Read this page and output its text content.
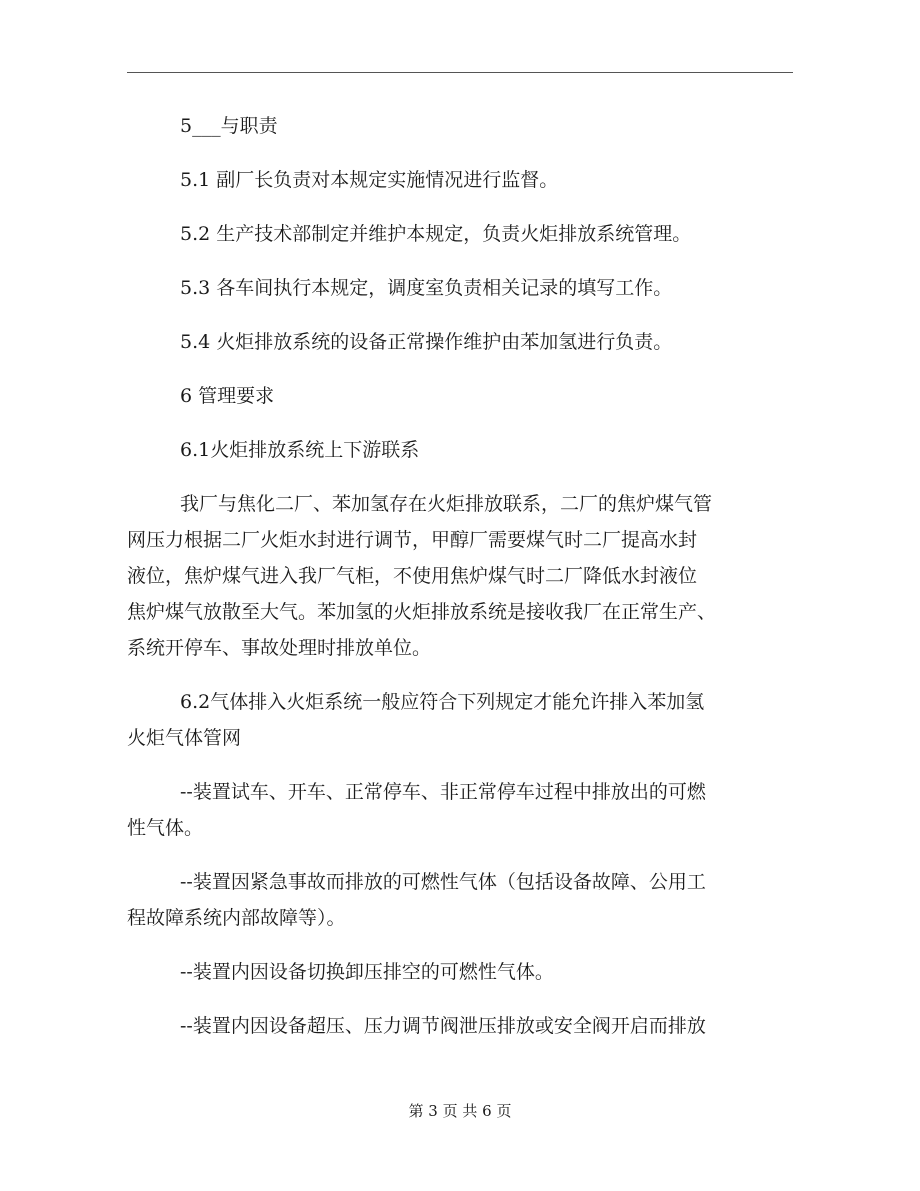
5___与职责

5.1 副厂长负责对本规定实施情况进行监督。

5.2 生产技术部制定并维护本规定，负责火炬排放系统管理。

5.3 各车间执行本规定，调度室负责相关记录的填写工作。

5.4 火炬排放系统的设备正常操作维护由苯加氢进行负责。

6 管理要求

6.1火炬排放系统上下游联系

我厂与焦化二厂、苯加氢存在火炬排放联系，二厂的焦炉煤气管

网压力根据二厂火炬水封进行调节，甲醇厂需要煤气时二厂提高水封

液位，焦炉煤气进入我厂气柜，不使用焦炉煤气时二厂降低水封液位

焦炉煤气放散至大气。苯加氢的火炬排放系统是接收我厂在正常生产、

系统开停车、事故处理时排放单位。

6.2气体排入火炬系统一般应符合下列规定才能允许排入苯加氢

火炬气体管网

--装置试车、开车、正常停车、非正常停车过程中排放出的可燃

性气体。

--装置因紧急事故而排放的可燃性气体（包括设备故障、公用工

程故障系统内部故障等）。

--装置内因设备切换卸压排空的可燃性气体。

--装置内因设备超压、压力调节阀泄压排放或安全阀开启而排放

第 3 页 共 6 页
